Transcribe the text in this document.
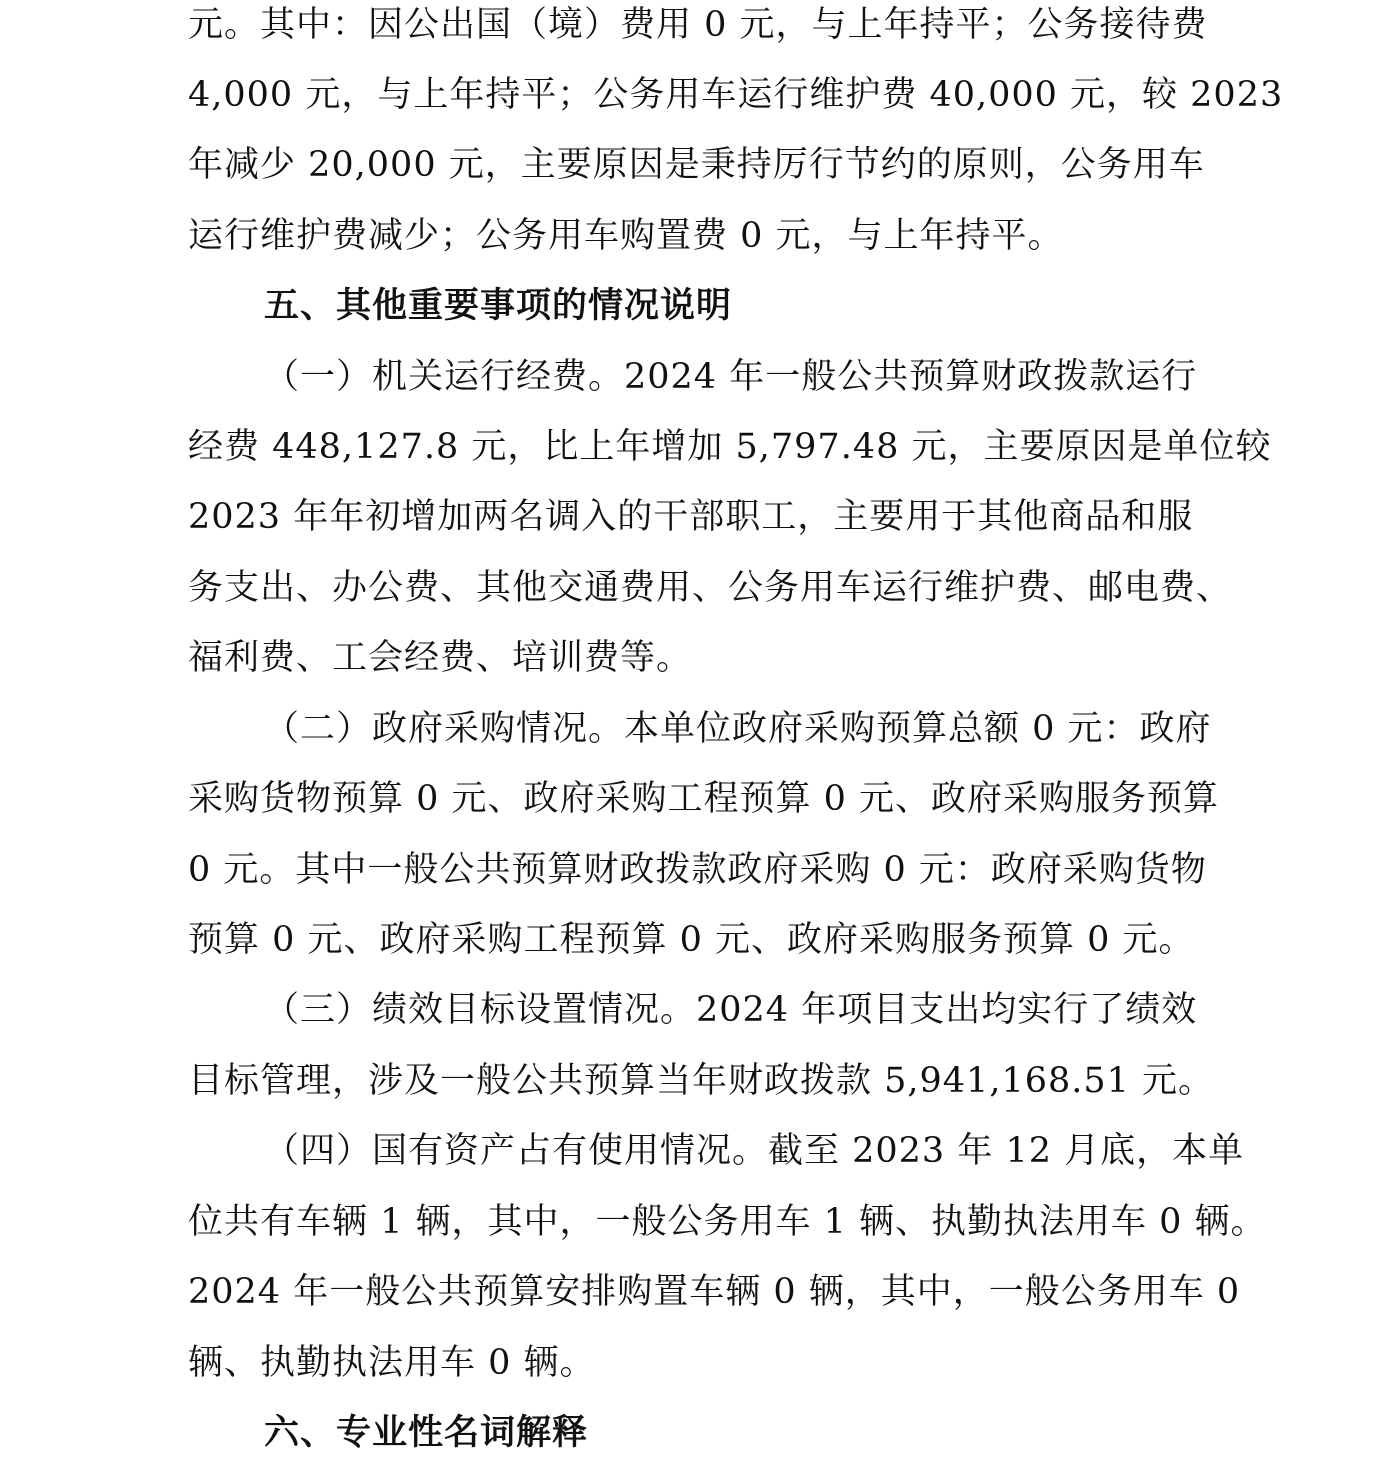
元。其中：因公出国（境）费用 0 元，与上年持平；公务接待费
4,000 元，与上年持平；公务用车运行维护费 40,000 元，较 2023
年减少 20,000 元，主要原因是秉持厉行节约的原则，公务用车
运行维护费减少；公务用车购置费 0 元，与上年持平。
五、其他重要事项的情况说明
（一）机关运行经费。2024 年一般公共预算财政拨款运行
经费 448,127.8 元，比上年增加 5,797.48 元，主要原因是单位较
2023 年年初增加两名调入的干部职工，主要用于其他商品和服
务支出、办公费、其他交通费用、公务用车运行维护费、邮电费、
福利费、工会经费、培训费等。
（二）政府采购情况。本单位政府采购预算总额 0 元：政府
采购货物预算 0 元、政府采购工程预算 0 元、政府采购服务预算
0 元。其中一般公共预算财政拨款政府采购 0 元：政府采购货物
预算 0 元、政府采购工程预算 0 元、政府采购服务预算 0 元。
（三）绩效目标设置情况。2024 年项目支出均实行了绩效
目标管理，涉及一般公共预算当年财政拨款 5,941,168.51 元。
（四）国有资产占有使用情况。截至 2023 年 12 月底，本单
位共有车辆 1 辆，其中，一般公务用车 1 辆、执勤执法用车 0 辆。
2024 年一般公共预算安排购置车辆 0 辆，其中，一般公务用车 0
辆、执勤执法用车 0 辆。
六、专业性名词解释
